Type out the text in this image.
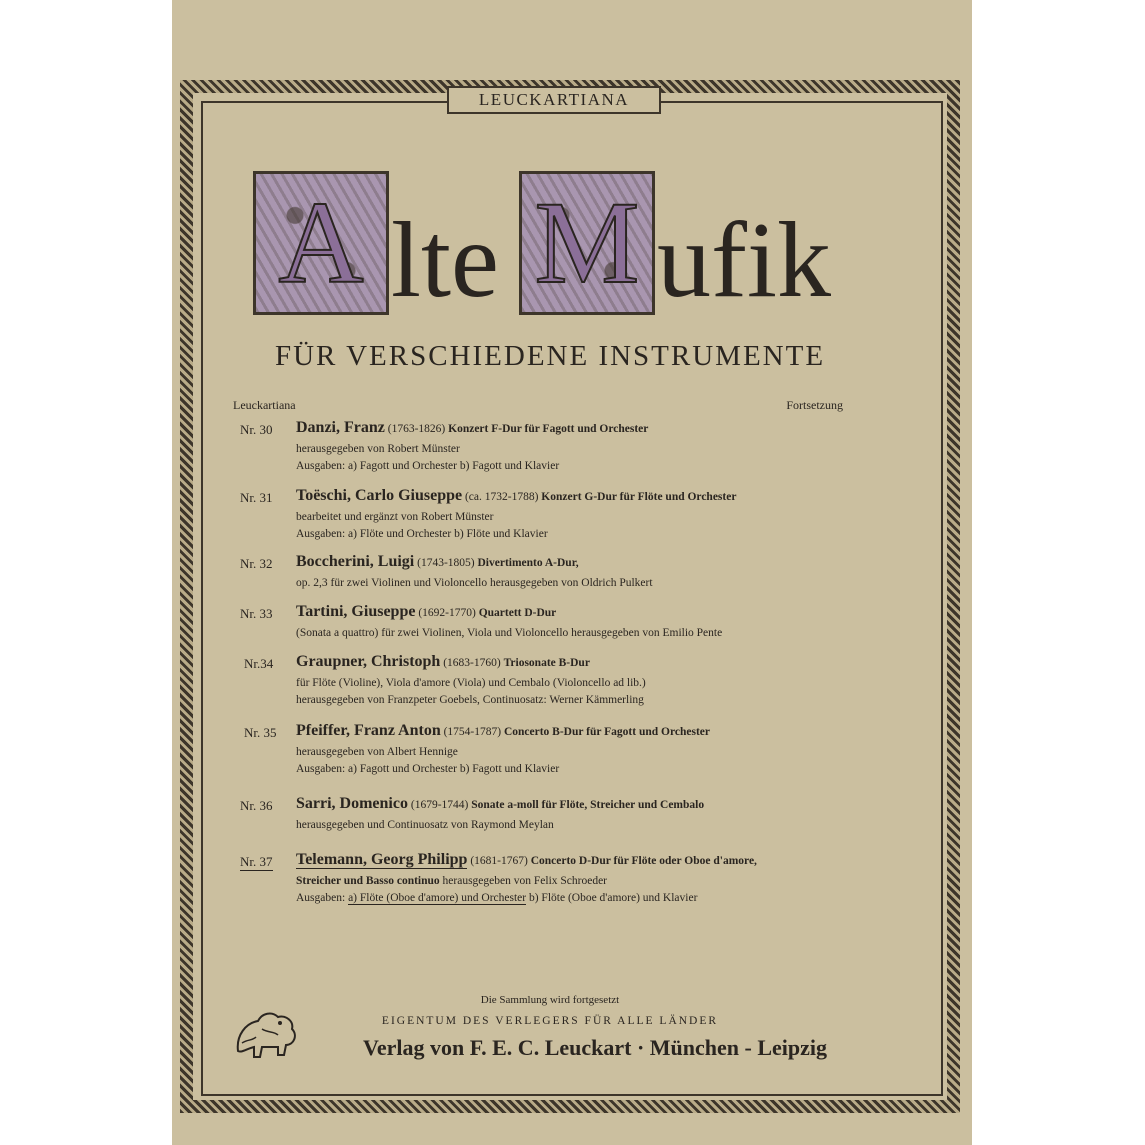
LEUCKARTIANA
A lte M ufik
FÜR VERSCHIEDENE INSTRUMENTE
Leuckartiana	Fortsetzung
Nr. 30 Danzi, Franz (1763-1826) Konzert F-Dur für Fagott und Orchester
herausgegeben von Robert Münster
Ausgaben: a) Fagott und Orchester b) Fagott und Klavier
Nr. 31 Toëschi, Carlo Giuseppe (ca. 1732-1788) Konzert G-Dur für Flöte und Orchester
bearbeitet und ergänzt von Robert Münster
Ausgaben: a) Flöte und Orchester b) Flöte und Klavier
Nr. 32 Boccherini, Luigi (1743-1805) Divertimento A-Dur,
op. 2,3 für zwei Violinen und Violoncello herausgegeben von Oldrich Pulkert
Nr. 33 Tartini, Giuseppe (1692-1770) Quartett D-Dur
(Sonata a quattro) für zwei Violinen, Viola und Violoncello herausgegeben von Emilio Pente
Nr.34 Graupner, Christoph (1683-1760) Triosonate B-Dur
für Flöte (Violine), Viola d'amore (Viola) und Cembalo (Violoncello ad lib.)
herausgegeben von Franzpeter Goebels, Continuosatz: Werner Kämmerling
Nr. 35 Pfeiffer, Franz Anton (1754-1787) Concerto B-Dur für Fagott und Orchester
herausgegeben von Albert Hennige
Ausgaben: a) Fagott und Orchester b) Fagott und Klavier
Nr. 36 Sarri, Domenico (1679-1744) Sonate a-moll für Flöte, Streicher und Cembalo
herausgegeben und Continuosatz von Raymond Meylan
Nr. 37 Telemann, Georg Philipp (1681-1767) Concerto D-Dur für Flöte oder Oboe d'amore,
Streicher und Basso continuo herausgegeben von Felix Schroeder
Ausgaben: a) Flöte (Oboe d'amore) und Orchester b) Flöte (Oboe d'amore) und Klavier
Die Sammlung wird fortgesetzt
EIGENTUM DES VERLEGERS FÜR ALLE LÄNDER
Verlag von F. E. C. Leuckart · München - Leipzig
